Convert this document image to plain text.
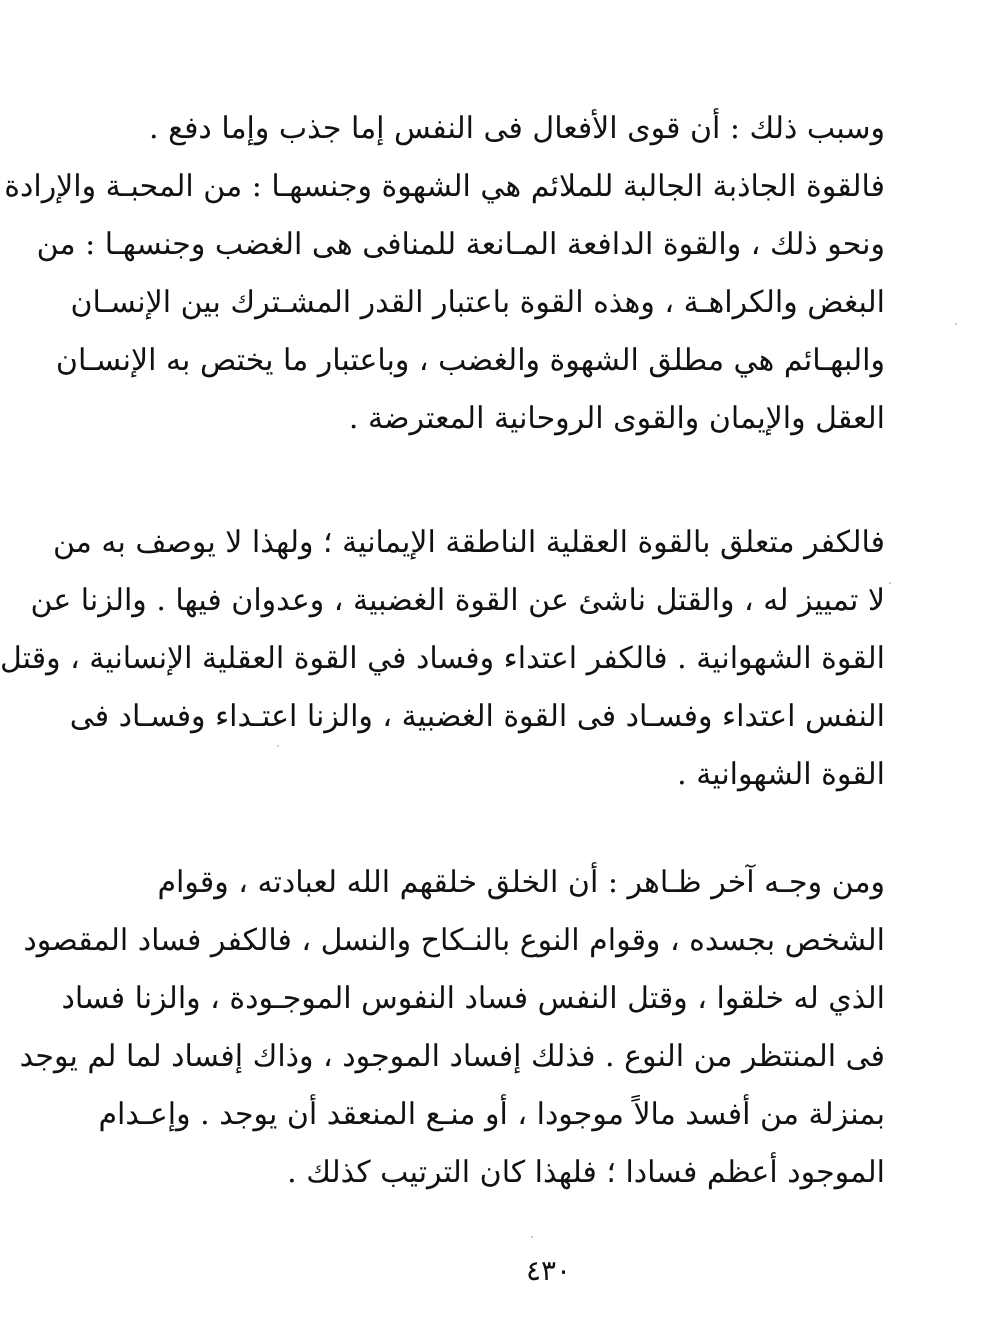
وسبب ذلك : أن قوى الأفعال فى النفس إما جذب وإما دفع .
فالقوة الجاذبة الجالبة للملائم هي الشهوة وجنسهـا : من المحبـة والإرادة
ونحو ذلك ، والقوة الدافعة المـانعة للمنافى هى الغضب وجنسهـا : من
البغض والكراهـة ، وهذه القوة باعتبار القدر المشـترك بين الإنسـان
والبهـائم هي مطلق الشهوة والغضب ، وباعتبار ما يختص به الإنسـان
العقل والإيمان والقوى الروحانية المعترضة .
فالكفر متعلق بالقوة العقلية الناطقة الإيمانية ؛ ولهذا لا يوصف به من
لا تمييز له ، والقتل ناشئ عن القوة الغضبية ، وعدوان فيها . والزنا عن
القوة الشهوانية . فالكفر اعتداء وفساد في القوة العقلية الإنسانية ، وقتل
النفس اعتداء وفسـاد فى القوة الغضبية ، والزنا اعتـداء وفسـاد فى
القوة الشهوانية .
ومن وجـه آخر ظـاهر : أن الخلق خلقهم الله لعبادته ، وقوام
الشخص بجسده ، وقوام النوع بالنـكاح والنسل ، فالكفر فساد المقصود
الذي له خلقوا ، وقتل النفس فساد النفوس الموجـودة ، والزنا فساد
فى المنتظر من النوع . فذلك إفساد الموجود ، وذاك إفساد لما لم يوجد
بمنزلة من أفسد مالاً موجودا ، أو منـع المنعقد أن يوجد . وإعـدام
الموجود أعظم فسادا ؛ فلهذا كان الترتيب كذلك .
٤٣٠
